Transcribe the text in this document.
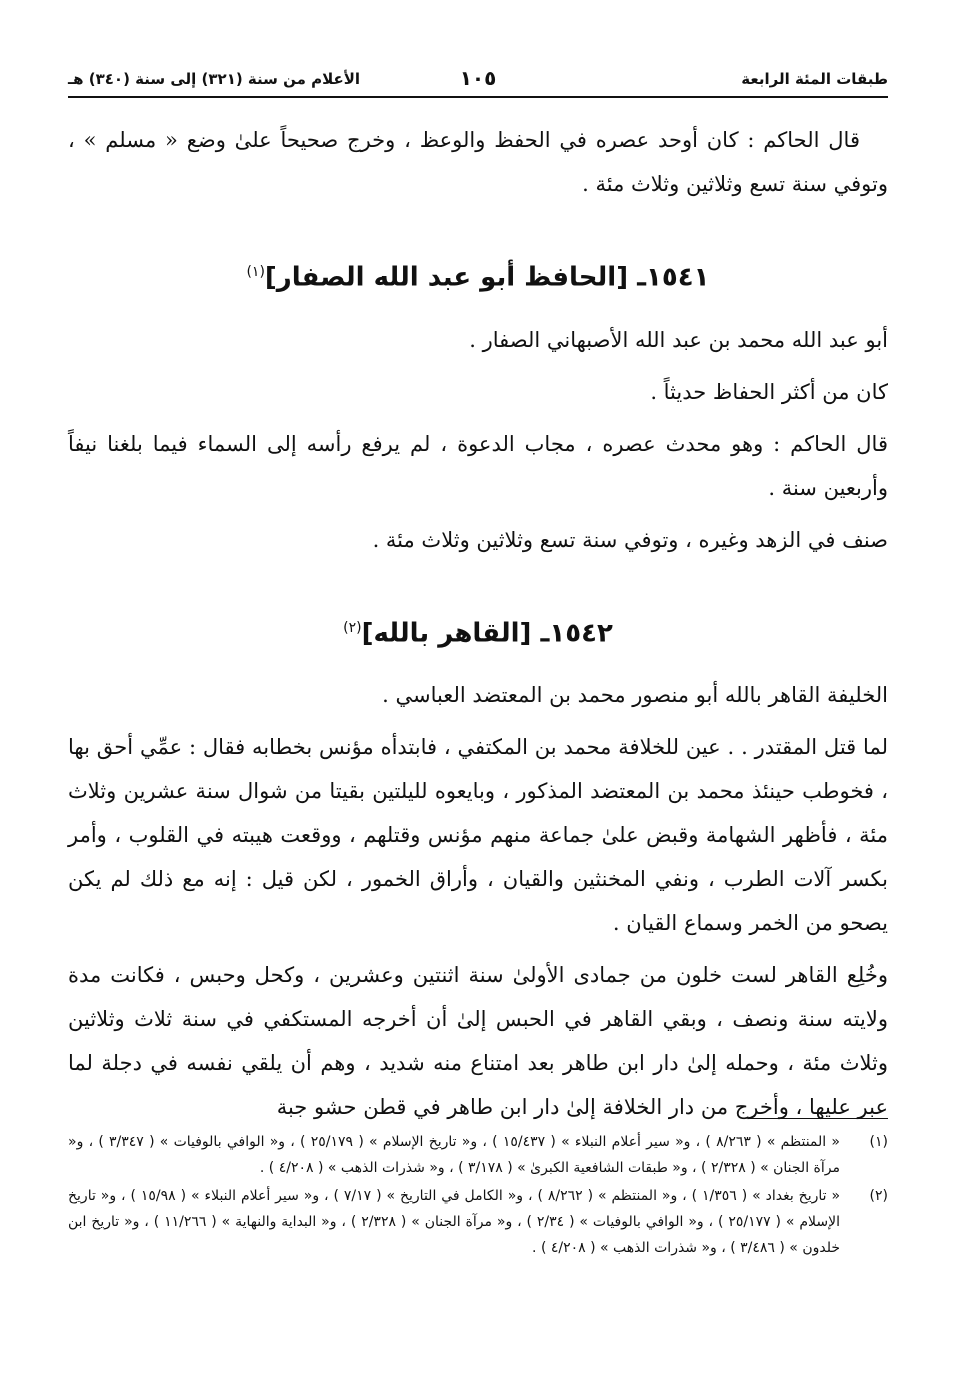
طبقات المئة الرابعة
١٠٥
الأعلام من سنة (٣٢١) إلى سنة (٣٤٠) هـ

قال الحاكم : كان أوحد عصره في الحفظ والوعظ ، وخرج صحيحاً علىٰ وضع « مسلم » ، وتوفي سنة تسع وثلاثين وثلاث مئة .

١٥٤١ـ [الحافظ أبو عبد الله الصفار]$^{(١)}$

أبو عبد الله محمد بن عبد الله الأصبهاني الصفار .

كان من أكثر الحفاظ حديثاً .

قال الحاكم : وهو محدث عصره ، مجاب الدعوة ، لم يرفع رأسه إلى السماء فيما بلغنا نيفاً وأربعين سنة .

صنف في الزهد وغيره ، وتوفي سنة تسع وثلاثين وثلاث مئة .

١٥٤٢ـ [القاهر بالله]$^{(٢)}$

الخليفة القاهر بالله أبو منصور محمد بن المعتضد العباسي .

لما قتل المقتدر . . عين للخلافة محمد بن المكتفي ، فابتدأه مؤنس بخطابه فقال : عمِّي أحق بها ، فخوطب حينئذ محمد بن المعتضد المذكور ، وبايعوه لليلتين بقيتا من شوال سنة عشرين وثلاث مئة ، فأظهر الشهامة وقبض علىٰ جماعة منهم مؤنس وقتلهم ، ووقعت هيبته في القلوب ، وأمر بكسر آلات الطرب ، ونفي المخنثين والقيان ، وأراق الخمور ، لكن قيل : إنه مع ذلك لم يكن يصحو من الخمر وسماع القيان .

وخُلِع القاهر لست خلون من جمادى الأولىٰ سنة اثنتين وعشرين ، وكحل وحبس ، فكانت مدة ولايته سنة ونصف ، وبقي القاهر في الحبس إلىٰ أن أخرجه المستكفي في سنة ثلاث وثلاثين وثلاث مئة ، وحمله إلىٰ دار ابن طاهر بعد امتناع منه شديد ، وهم أن يلقي نفسه في دجلة لما عبر عليها ، وأخرج من دار الخلافة إلىٰ دار ابن طاهر في قطن حشو جبة

(١)
« المنتظم » ( ٨/٢٦٣ ) ، و« سير أعلام النبلاء » ( ١٥/٤٣٧ ) ، و« تاريخ الإسلام » ( ٢٥/١٧٩ ) ، و« الوافي بالوفيات » ( ٣/٣٤٧ ) ، و« مرآة الجنان » ( ٢/٣٢٨ ) ، و« طبقات الشافعية الكبرىٰ » ( ٣/١٧٨ ) ، و« شذرات الذهب » ( ٤/٢٠٨ ) .
(٢)
« تاريخ بغداد » ( ١/٣٥٦ ) ، و« المنتظم » ( ٨/٢٦٢ ) ، و« الكامل في التاريخ » ( ٧/١٧ ) ، و« سير أعلام النبلاء » ( ١٥/٩٨ ) ، و« تاريخ الإسلام » ( ٢٥/١٧٧ ) ، و« الوافي بالوفيات » ( ٢/٣٤ ) ، و« مرآة الجنان » ( ٢/٣٢٨ ) ، و« البداية والنهاية » ( ١١/٢٦٦ ) ، و« تاريخ ابن خلدون » ( ٣/٤٨٦ ) ، و« شذرات الذهب » ( ٤/٢٠٨ ) .
